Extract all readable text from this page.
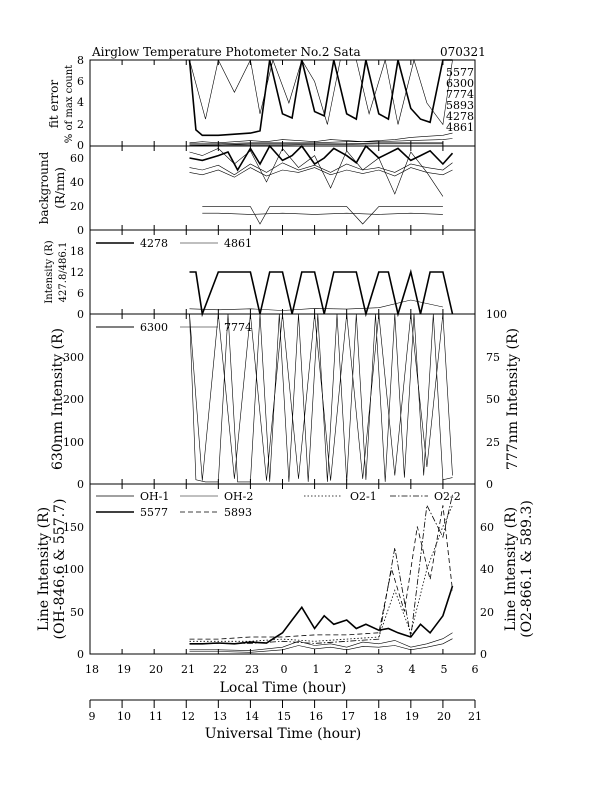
Airglow Temperature Photometer No.2 Sata	070321
fit error % of max count
0
2
4
6
8
5577
6300
7774
5893
4278
4861
background (R/nm)
0
20
40
60
Intensity (R) 427.8/486.1
0
6
12
18
4278	4861
630nm Intensity (R)	777nm Intensity (R)
0
100
200
300
0
25
50
75
100
6300	7774
Line Intensity (R) (OH-846.6 & 557.7)	Line Intensity (R) (O2-866.1 & 589.3)
0
50
100
150
0
20
40
60
OH-1	OH-2	O2-1	O2-2
5577	5893
18 19 20 21 22 23 0 1 2 3 4 5 6
Local Time (hour)
9 10 11 12 13 14 15 16 17 18 19 20 21
Universal Time (hour)
